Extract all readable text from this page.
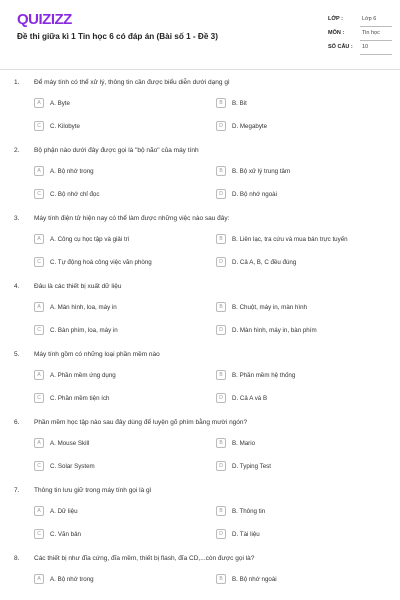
QUIZIZZ
Đề thi giữa kì 1 Tin học 6 có đáp án (Bài số 1 - Đề 3)
LỚP :	Lớp 6
MÔN :	Tin học
SỐ CÂU : 10
1. Để máy tính có thể xử lý, thông tin cần được biểu diễn dưới dạng gì
A	A. Byte	B	B. Bit
C	C. Kilobyte	D	D. Megabyte
2. Bộ phận nào dưới đây được gọi là "bộ não" của máy tính
A	A. Bộ nhớ trong	B	B. Bộ xử lý trung tâm
C	C. Bộ nhớ chỉ đọc	D	D. Bộ nhớ ngoài
3. Máy tính điện tử hiện nay có thể làm được những việc nào sau đây:
A	A. Công cụ học tập và giải trí	B	B. Liên lạc, tra cứu và mua bán trực tuyến
C	C. Tự động hoá công việc văn phòng	D	D. Cả A, B, C đều đúng
4. Đâu là các thiết bị xuất dữ liệu
A	A. Màn hình, loa, máy in	B	B. Chuột, máy in, màn hình
C	C. Bàn phím, loa, máy in	D	D. Màn hình, máy in, bàn phím
5. Máy tính gồm có những loại phần mềm nào
A	A. Phần mềm ứng dụng	B	B. Phần mềm hệ thống
C	C. Phần mềm tiện ích	D	D. Cả A và B
6. Phần mềm học tập nào sau đây dùng để luyện gõ phím bằng mười ngón?
A	A. Mouse Skill	B	B. Mario
C	C. Solar System	D	D. Typing Test
7. Thông tin lưu giữ trong máy tính gọi là gì
A	A. Dữ liệu	B	B. Thông tin
C	C. Văn bản	D	D. Tài liệu
8. Các thiết bị như đĩa cứng, đĩa mềm, thiết bị flash, đĩa CD,...còn được gọi là?
A	A. Bộ nhớ trong	B	B. Bộ nhớ ngoài
